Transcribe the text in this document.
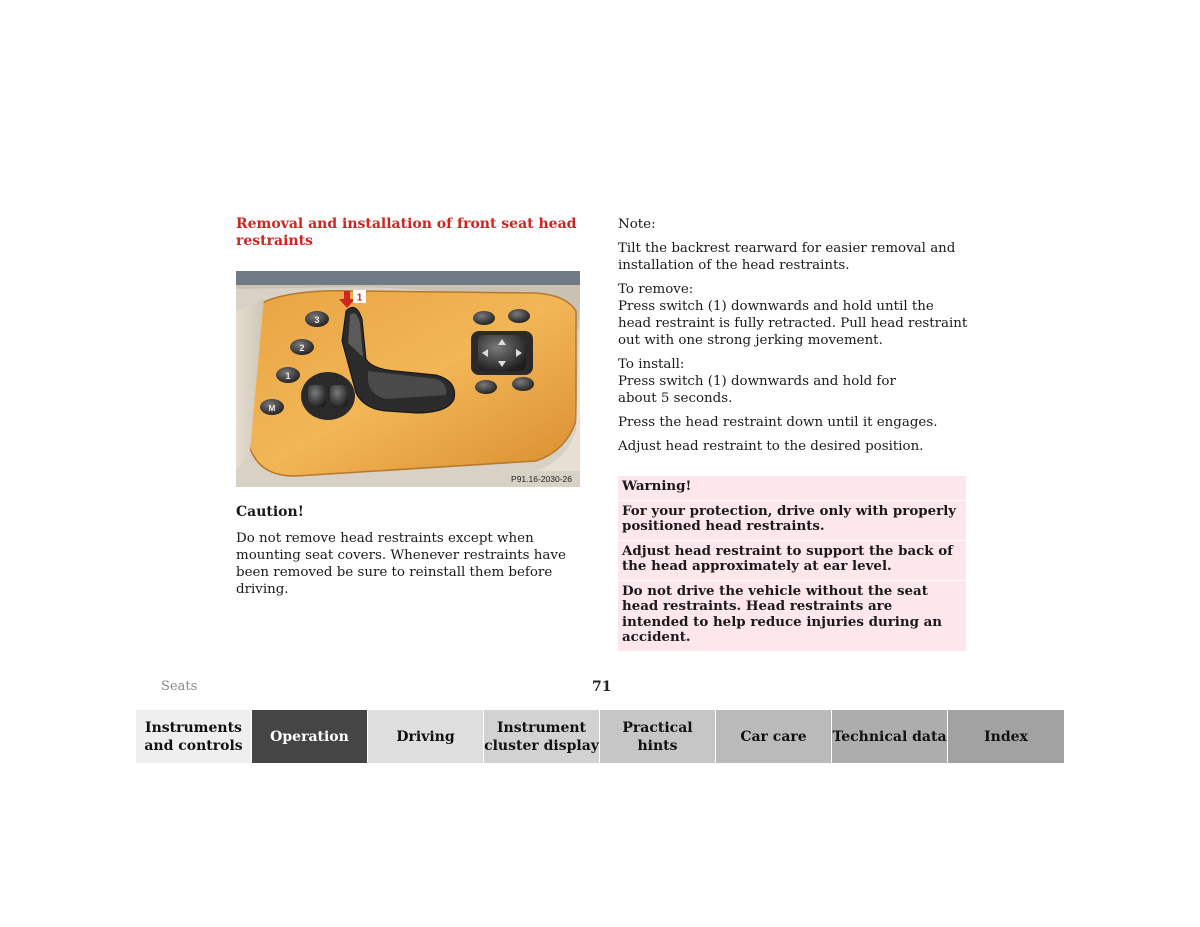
Removal and installation of front seat head restraints
3
2
1
M
1
P91.16-2030-26
Caution!

Do not remove head restraints except when mounting seat covers. Whenever restraints have been removed be sure to reinstall them before driving.

Note:

Tilt the backrest rearward for easier removal and installation of the head restraints.

To remove:

Press switch (1) downwards and hold until the head restraint is fully retracted. Pull head restraint out with one strong jerking movement.

To install:

Press switch (1) downwards and hold for about 5 seconds.

Press the head restraint down until it engages.

Adjust head restraint to the desired position.

Warning!
For your protection, drive only with properly positioned head restraints.
Adjust head restraint to support the back of the head approximately at ear level.
Do not drive the vehicle without the seat head restraints. Head restraints are intended to help reduce injuries during an accident.
Seats	71
Instruments and controls
Operation	Driving
Instrument cluster display
Practical hints
Car care	Technical data	Index
